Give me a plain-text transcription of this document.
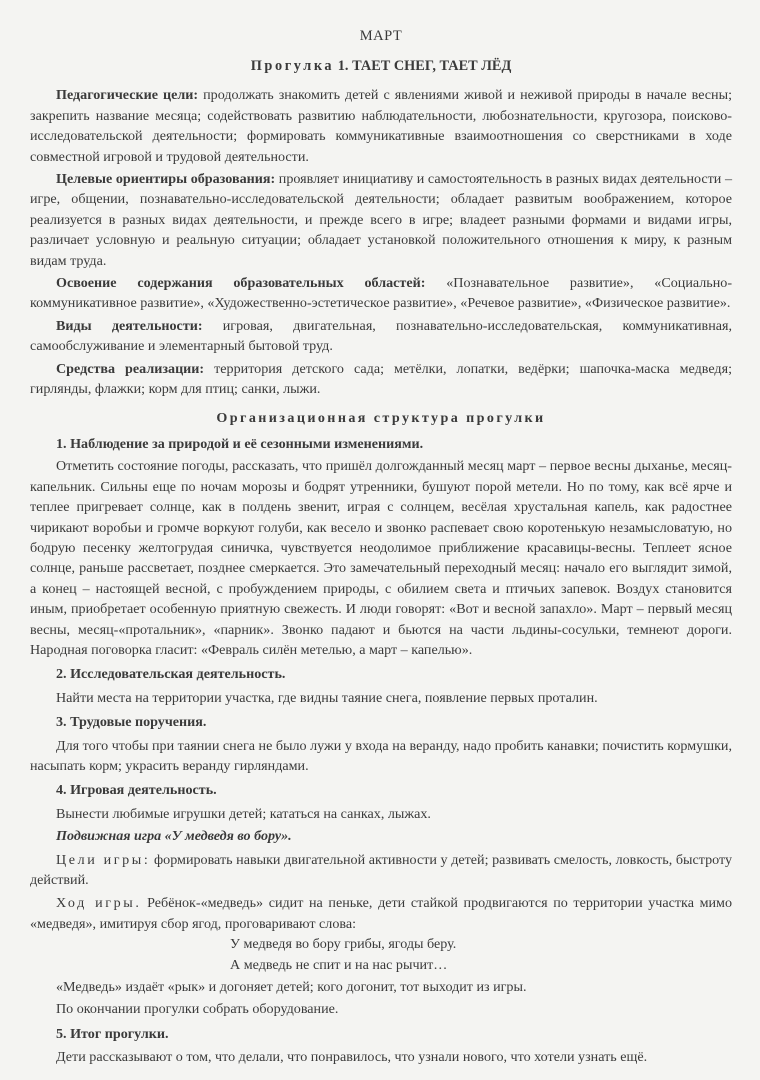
МАРТ
Прогулка 1. ТАЕТ СНЕГ, ТАЕТ ЛЁД

Педагогические цели: продолжать знакомить детей с явлениями живой и неживой природы в начале весны; закрепить название месяца; содействовать развитию наблюдательности, любознательности, кругозора, поисково-исследовательской деятельности; формировать коммуникативные взаимоотношения со сверстниками в ходе совместной игровой и трудовой деятельности.

Целевые ориентиры образования: проявляет инициативу и самостоятельность в разных видах деятельности – игре, общении, познавательно-исследовательской деятельности; обладает развитым воображением, которое реализуется в разных видах деятельности, и прежде всего в игре; владеет разными формами и видами игры, различает условную и реальную ситуации; обладает установкой положительного отношения к миру, к разным видам труда.

Освоение содержания образовательных областей: «Познавательное развитие», «Социально-коммуникативное развитие», «Художественно-эстетическое развитие», «Речевое развитие», «Физическое развитие».

Виды деятельности: игровая, двигательная, познавательно-исследовательская, коммуникативная, самообслуживание и элементарный бытовой труд.

Средства реализации: территория детского сада; метёлки, лопатки, ведёрки; шапочка-маска медведя; гирлянды, флажки; корм для птиц; санки, лыжи.

Организационная структура прогулки

1. Наблюдение за природой и её сезонными изменениями.

Отметить состояние погоды, рассказать, что пришёл долгожданный месяц март – первое весны дыханье, месяц-капельник. Сильны еще по ночам морозы и бодрят утренники, бушуют порой метели. Но по тому, как всё ярче и теплее пригревает солнце, как в полдень звенит, играя с солнцем, весёлая хрустальная капель, как радостнее чирикают воробьи и громче воркуют голуби, как весело и звонко распевает свою коротенькую незамысловатую, но бодрую песенку желтогрудая синичка, чувствуется неодолимое приближение красавицы-весны. Теплеет ясное солнце, раньше рассветает, позднее смеркается. Это замечательный переходный месяц: начало его выглядит зимой, а конец – настоящей весной, с пробуждением природы, с обилием света и птичьих запевок. Воздух становится иным, приобретает особенную приятную свежесть. И люди говорят: «Вот и весной запахло». Март – первый месяц весны, месяц-«протальник», «парник». Звонко падают и бьются на части льдины-сосульки, темнеют дороги. Народная поговорка гласит: «Февраль силён метелью, а март – капелью».

2. Исследовательская деятельность.

Найти места на территории участка, где видны таяние снега, появление первых проталин.

3. Трудовые поручения.

Для того чтобы при таянии снега не было лужи у входа на веранду, надо пробить канавки; почистить кормушки, насыпать корм; украсить веранду гирляндами.

4. Игровая деятельность.

Вынести любимые игрушки детей; кататься на санках, лыжах.

Подвижная игра «У медведя во бору».

Цели игры: формировать навыки двигательной активности у детей; развивать смелость, ловкость, быстроту действий.

Ход игры. Ребёнок-«медведь» сидит на пеньке, дети стайкой продвигаются по территории участка мимо «медведя», имитируя сбор ягод, проговаривают слова:

У медведя во бору грибы, ягоды беру.

А медведь не спит и на нас рычит…

«Медведь» издаёт «рык» и догоняет детей; кого догонит, тот выходит из игры.

По окончании прогулки собрать оборудование.

5. Итог прогулки.

Дети рассказывают о том, что делали, что понравилось, что узнали нового, что хотели узнать ещё.
